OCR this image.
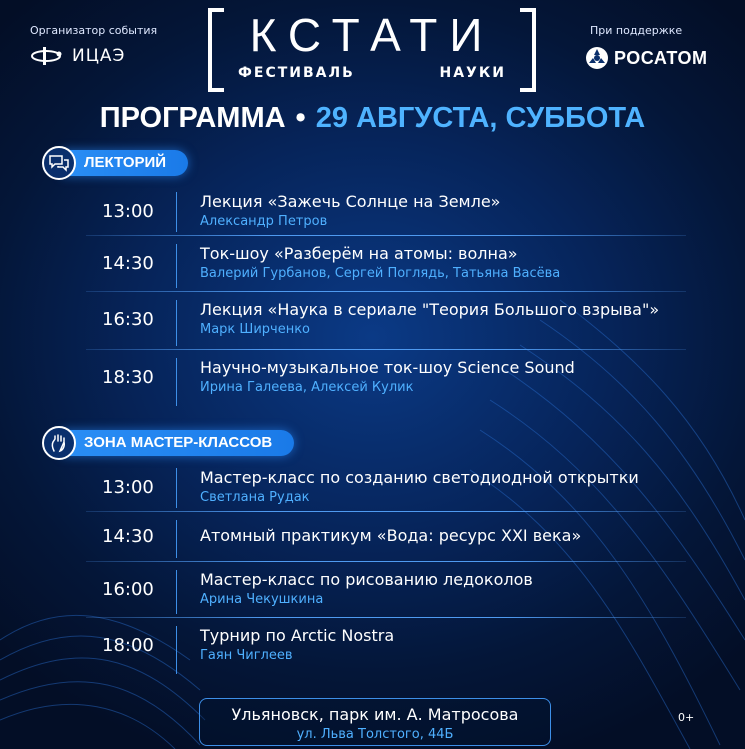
Организатор события
ИЦАЭ	КСТАТИ
ФЕСТИВАЛЬ	НАУКИ
При поддержке
РОСАТОМ
ПРОГРАММА • 29 АВГУСТА, СУББОТА
ЛЕКТОРИЙ
13:00	Лекция «Зажечь Солнце на Земле»
Александр Петров
14:30	Ток-шоу «Разберём на атомы: волна»
Валерий Гурбанов, Сергей Поглядь, Татьяна Васёва
16:30	Лекция «Наука в сериале "Теория Большого взрыва"»
Марк Ширченко
18:30	Научно-музыкальное ток-шоу Science Sound
Ирина Галеева, Алексей Кулик
ЗОНА МАСТЕР-КЛАССОВ
13:00	Мастер-класс по созданию светодиодной открытки
Светлана Рудак
14:30	Атомный практикум «Вода: ресурс XXI века»
16:00	Мастер-класс по рисованию ледоколов
Арина Чекушкина
18:00	Турнир по Arctic Nostra
Гаян Чиглеев
Ульяновск, парк им. А. Матросова
ул. Льва Толстого, 44Б
0+
